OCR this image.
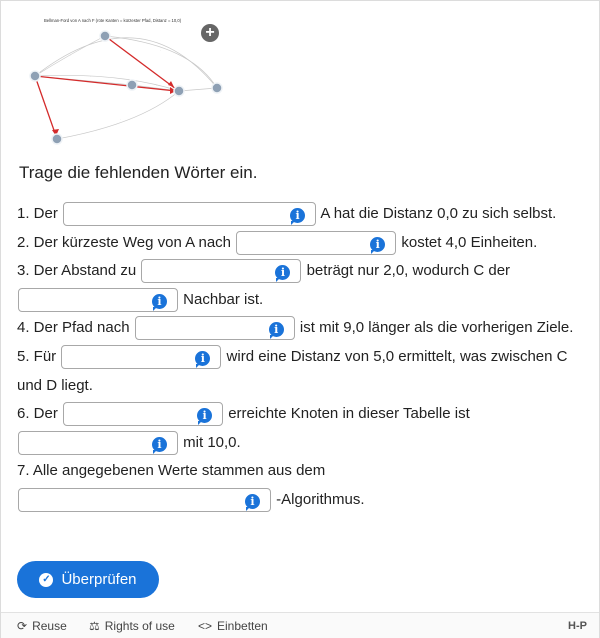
Bellman-Ford von A nach F (rote Kanten = kürzester Pfad, Distanz = 10,0)
·
·
·
·
·
·
+
Trage die fehlenden Wörter ein.

1. Der	i	A hat die Distanz 0,0 zu sich selbst.

2. Der kürzeste Weg von A nach	i	kostet 4,0 Einheiten.

3. Der Abstand zu	i	beträgt nur 2,0, wodurch C der
i	Nachbar ist.

4. Der Pfad nach	i	ist mit 9,0 länger als die vorherigen Ziele.

5. Für	i	wird eine Distanz von 5,0 ermittelt, was zwischen C und D liegt.

6. Der	i	erreichte Knoten in dieser Tabelle ist
i	mit 10,0.

7. Alle angegebenen Werte stammen aus dem
i	-Algorithmus.

✓ Überprüfen
⟳ Reuse ⚖ Rights of use <> Einbetten	H-P
